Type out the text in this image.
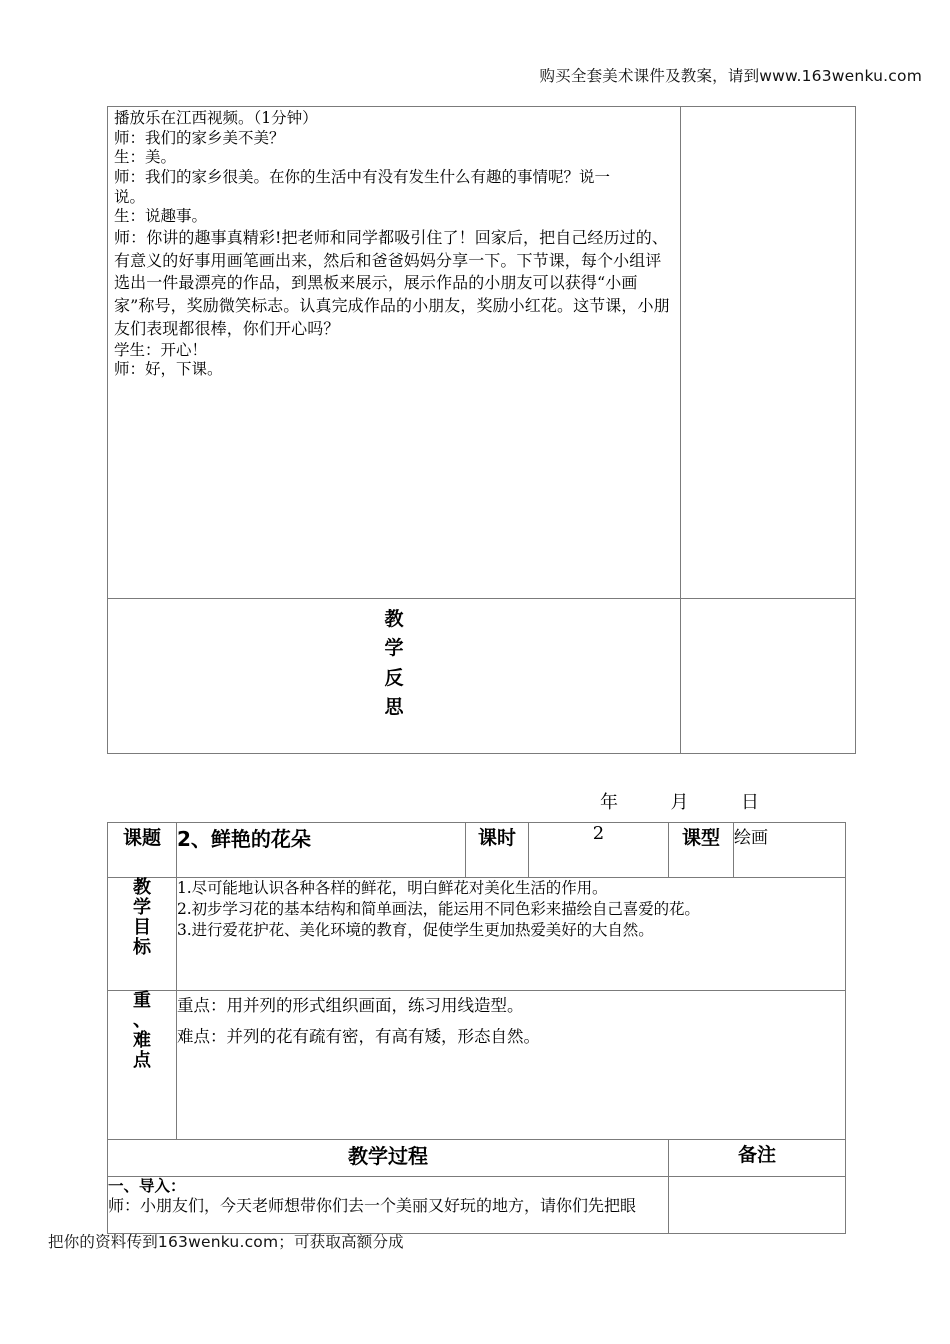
购买全套美术课件及教案，请到www.163wenku.com
播放乐在江西视频。（1分钟）
师：我们的家乡美不美？
生：美。
师：我们的家乡很美。在你的生活中有没有发生什么有趣的事情呢？说一
说。
生：说趣事。
师：你讲的趣事真精彩!把老师和同学都吸引住了！回家后，把自己经历过的、有意义的好事用画笔画出来，然后和爸爸妈妈分享一下。下节课，每个小组评选出一件最漂亮的作品，到黑板来展示，展示作品的小朋友可以获得“小画家”称号，奖励微笑标志。认真完成作品的小朋友，奖励小红花。这节课，小朋友们表现都很棒，你们开心吗？
学生：开心！
师：好，下课。

教
学
反
思	

年	月	日
课题	2、鲜艳的花朵	课时	2	课型	绘画

教
学
目
标

1.尽可能地认识各种各样的鲜花，明白鲜花对美化生活的作用。
2.初步学习花的基本结构和简单画法，能运用不同色彩来描绘自己喜爱的花。
3.进行爱花护花、美化环境的教育，促使学生更加热爱美好的大自然。

重
、
难
点

重点：用并列的形式组织画面，练习用线造型。
难点：并列的花有疏有密，有高有矮，形态自然。

教学过程				备注	

一、导入：
师：小朋友们，今天老师想带你们去一个美丽又好玩的地方，请你们先把眼					

把你的资料传到163wenku.com；可获取高额分成
